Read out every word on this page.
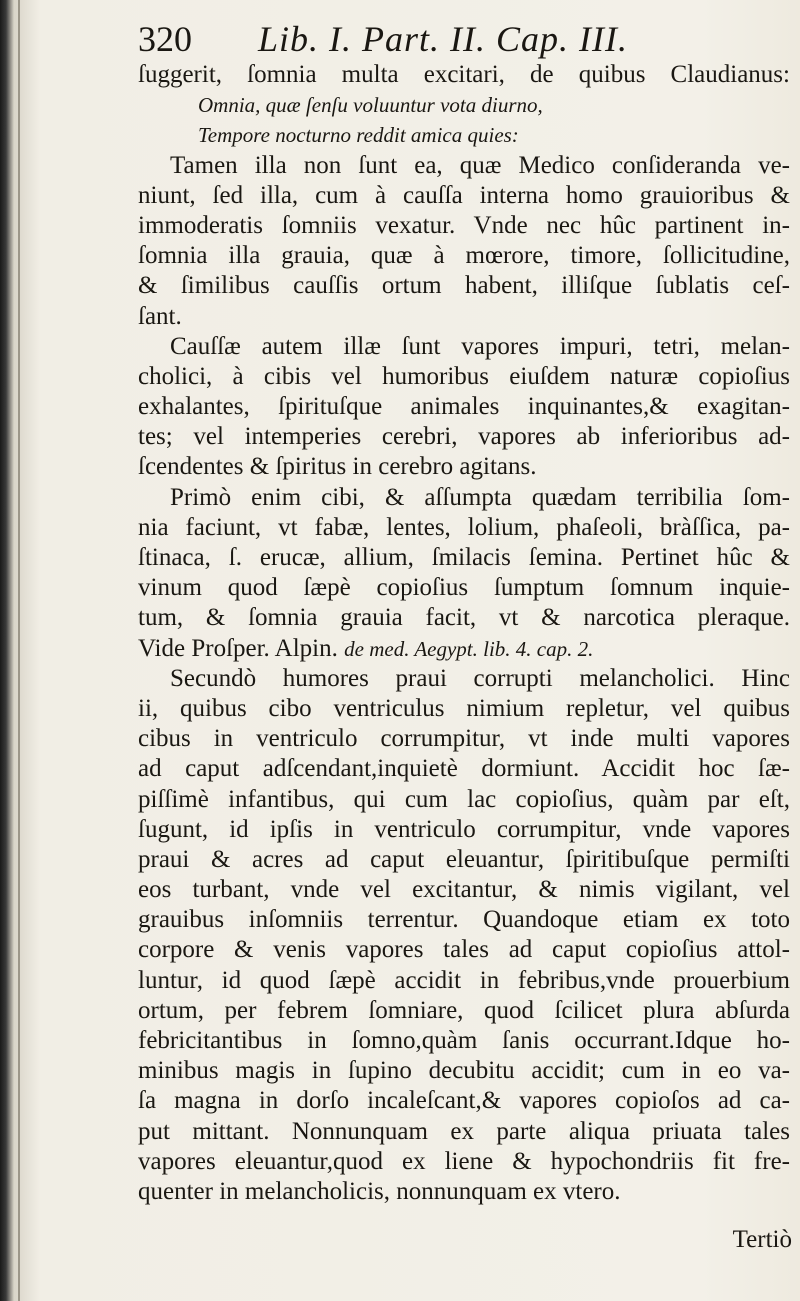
320 Lib. I. Part. II. Cap. III.
ſuggerit, ſomnia multa excitari, de quibus Claudianus:
Omnia, quæ ſenſu voluuntur vota diurno,
Tempore nocturno reddit amica quies:
Tamen illa non ſunt ea, quæ Medico conſideranda ve-
niunt, ſed illa, cum à cauſſa interna homo grauioribus &
immoderatis ſomniis vexatur. Vnde nec hûc partinent in-
ſomnia illa grauia, quæ à mœrore, timore, ſollicitudine,
& ſimilibus cauſſis ortum habent, illiſque ſublatis ceſ-
ſant.
Cauſſæ autem illæ ſunt vapores impuri, tetri, melan-
cholici, à cibis vel humoribus eiuſdem naturæ copioſius
exhalantes, ſpirituſque animales inquinantes,& exagitan-
tes; vel intemperies cerebri, vapores ab inferioribus ad-
ſcendentes & ſpiritus in cerebro agitans.
Primò enim cibi, & aſſumpta quædam terribilia ſom-
nia faciunt, vt fabæ, lentes, lolium, phaſeoli, bràſſica, pa-
ſtinaca, ſ. erucæ, allium, ſmilacis ſemina. Pertinet hûc &
vinum quod ſæpè copioſius ſumptum ſomnum inquie-
tum, & ſomnia grauia facit, vt & narcotica pleraque.
Vide Proſper. Alpin. de med. Aegypt. lib. 4. cap. 2.
Secundò humores praui corrupti melancholici. Hinc
ii, quibus cibo ventriculus nimium repletur, vel quibus
cibus in ventriculo corrumpitur, vt inde multi vapores
ad caput adſcendant,inquietè dormiunt. Accidit hoc ſæ-
piſſimè infantibus, qui cum lac copioſius, quàm par eſt,
ſugunt, id ipſis in ventriculo corrumpitur, vnde vapores
praui & acres ad caput eleuantur, ſpiritibuſque permiſti
eos turbant, vnde vel excitantur, & nimis vigilant, vel
grauibus inſomniis terrentur. Quandoque etiam ex toto
corpore & venis vapores tales ad caput copioſius attol-
luntur, id quod ſæpè accidit in febribus,vnde prouerbium
ortum, per febrem ſomniare, quod ſcilicet plura abſurda
febricitantibus in ſomno,quàm ſanis occurrant.Idque ho-
minibus magis in ſupino decubitu accidit; cum in eo va-
ſa magna in dorſo incaleſcant,& vapores copioſos ad ca-
put mittant. Nonnunquam ex parte aliqua priuata tales
vapores eleuantur,quod ex liene & hypochondriis fit fre-
quenter in melancholicis, nonnunquam ex vtero.
Tertiò
